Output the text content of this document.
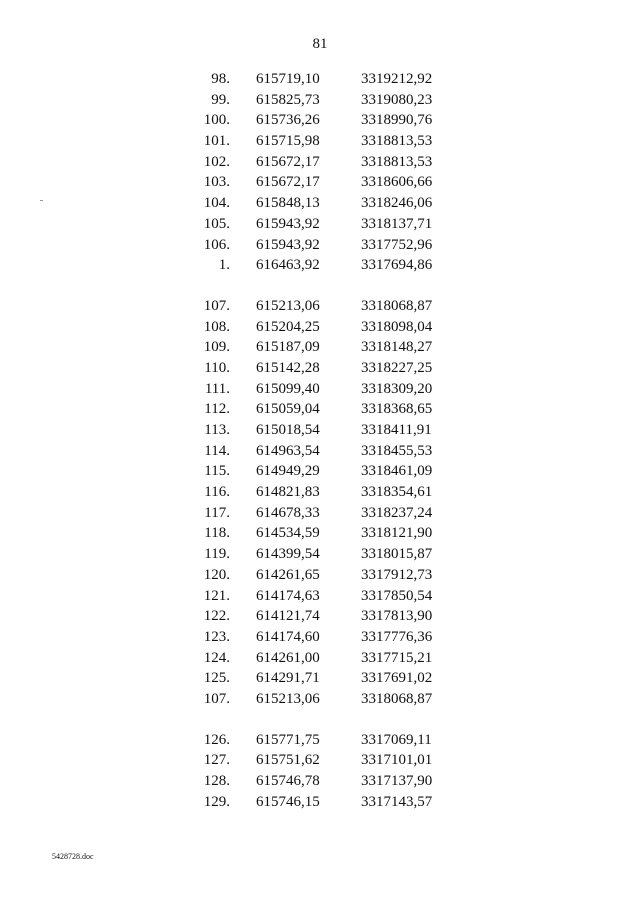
81
98. 615719,10	3319212,92
99. 615825,73	3319080,23
100. 615736,26	3318990,76
101. 615715,98	3318813,53
102. 615672,17	3318813,53
103. 615672,17	3318606,66
104. 615848,13	3318246,06
105. 615943,92	3318137,71
106. 615943,92	3317752,96
1. 616463,92	3317694,86
107. 615213,06	3318068,87
108. 615204,25	3318098,04
109. 615187,09	3318148,27
110. 615142,28	3318227,25
111. 615099,40	3318309,20
112. 615059,04	3318368,65
113. 615018,54	3318411,91
114. 614963,54	3318455,53
115. 614949,29	3318461,09
116. 614821,83	3318354,61
117. 614678,33	3318237,24
118. 614534,59	3318121,90
119. 614399,54	3318015,87
120. 614261,65	3317912,73
121. 614174,63	3317850,54
122. 614121,74	3317813,90
123. 614174,60	3317776,36
124. 614261,00	3317715,21
125. 614291,71	3317691,02
107. 615213,06	3318068,87
126. 615771,75	3317069,11
127. 615751,62	3317101,01
128. 615746,78	3317137,90
129. 615746,15	3317143,57
5428728.doc
